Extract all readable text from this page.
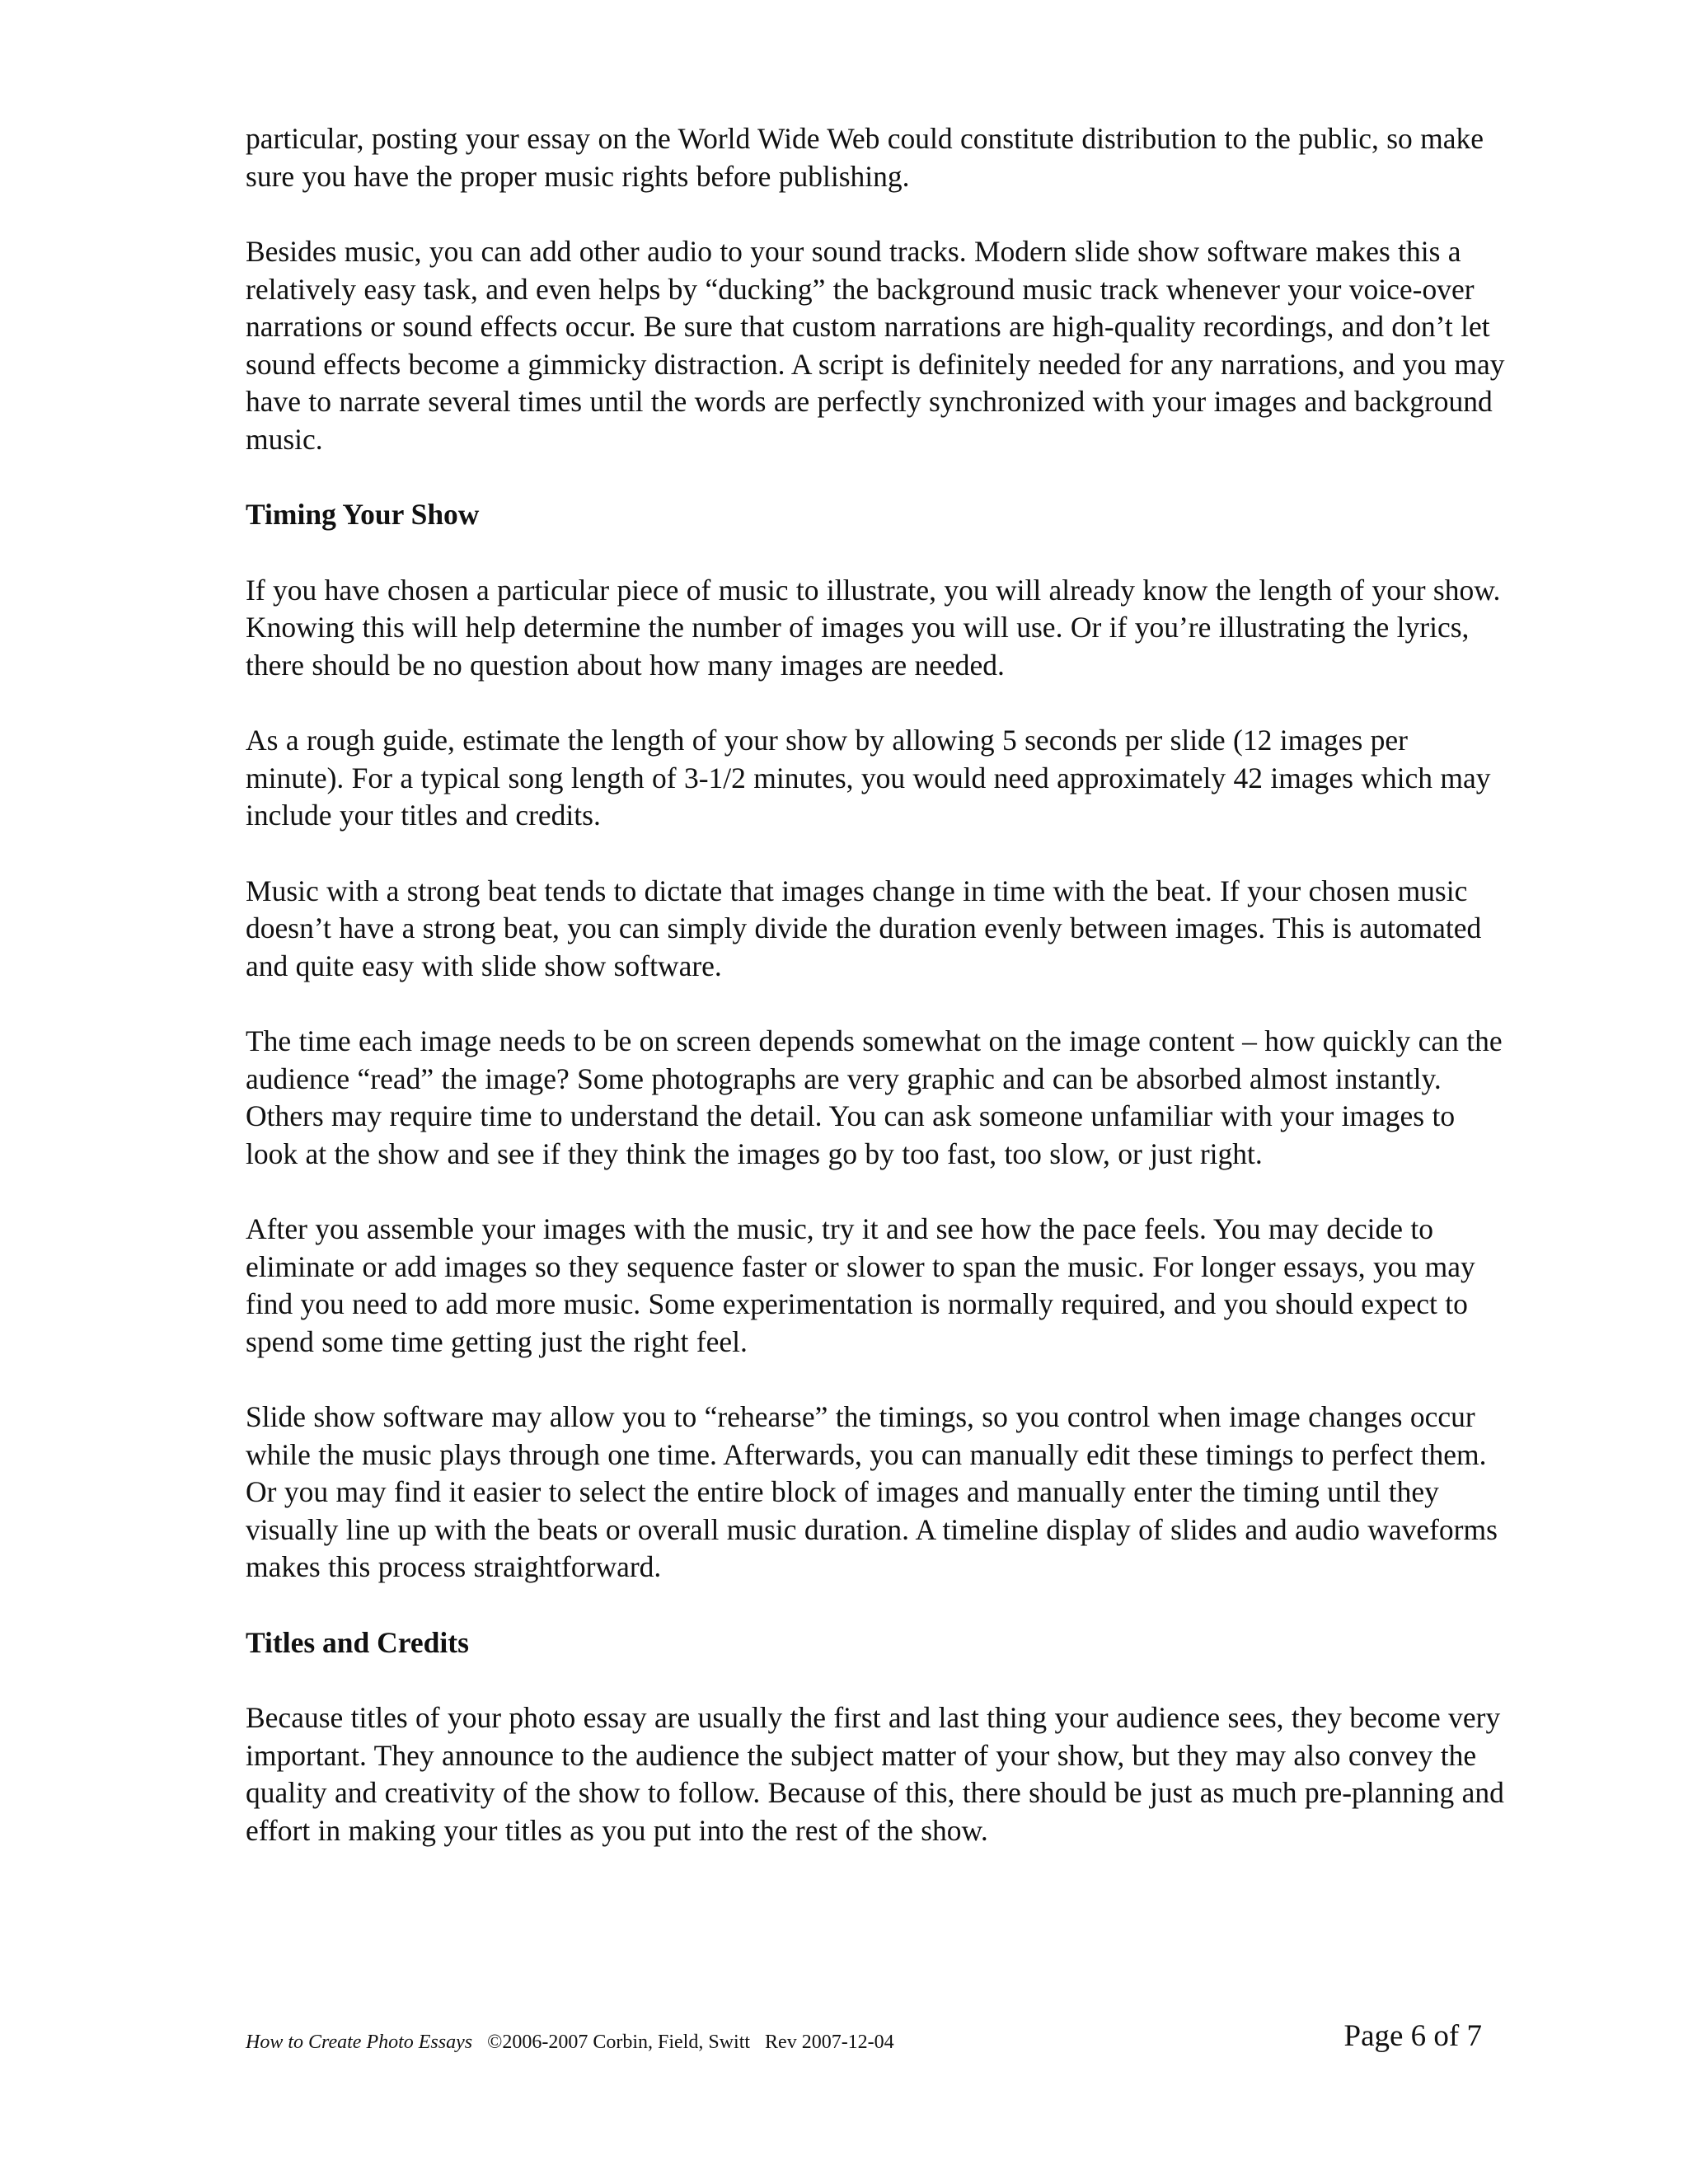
particular, posting your essay on the World Wide Web could constitute distribution to the public, so make sure you have the proper music rights before publishing.

Besides music, you can add other audio to your sound tracks. Modern slide show software makes this a relatively easy task, and even helps by “ducking” the background music track whenever your voice-over narrations or sound effects occur. Be sure that custom narrations are high-quality recordings, and don’t let sound effects become a gimmicky distraction. A script is definitely needed for any narrations, and you may have to narrate several times until the words are perfectly synchronized with your images and background music.

Timing Your Show

If you have chosen a particular piece of music to illustrate, you will already know the length of your show. Knowing this will help determine the number of images you will use. Or if you’re illustrating the lyrics, there should be no question about how many images are needed.

As a rough guide, estimate the length of your show by allowing 5 seconds per slide (12 images per minute). For a typical song length of 3-1/2 minutes, you would need approximately 42 images which may include your titles and credits.

Music with a strong beat tends to dictate that images change in time with the beat. If your chosen music doesn’t have a strong beat, you can simply divide the duration evenly between images. This is automated and quite easy with slide show software.

The time each image needs to be on screen depends somewhat on the image content – how quickly can the audience “read” the image? Some photographs are very graphic and can be absorbed almost instantly. Others may require time to understand the detail. You can ask someone unfamiliar with your images to look at the show and see if they think the images go by too fast, too slow, or just right.

After you assemble your images with the music, try it and see how the pace feels. You may decide to eliminate or add images so they sequence faster or slower to span the music. For longer essays, you may find you need to add more music. Some experimentation is normally required, and you should expect to spend some time getting just the right feel.

Slide show software may allow you to “rehearse” the timings, so you control when image changes occur while the music plays through one time. Afterwards, you can manually edit these timings to perfect them. Or you may find it easier to select the entire block of images and manually enter the timing until they visually line up with the beats or overall music duration. A timeline display of slides and audio waveforms makes this process straightforward.

Titles and Credits

Because titles of your photo essay are usually the first and last thing your audience sees, they become very important. They announce to the audience the subject matter of your show, but they may also convey the quality and creativity of the show to follow. Because of this, there should be just as much pre-planning and effort in making your titles as you put into the rest of the show.

How to Create Photo Essays ©2006-2007 Corbin, Field, Switt Rev 2007-12-04	Page 6 of 7
